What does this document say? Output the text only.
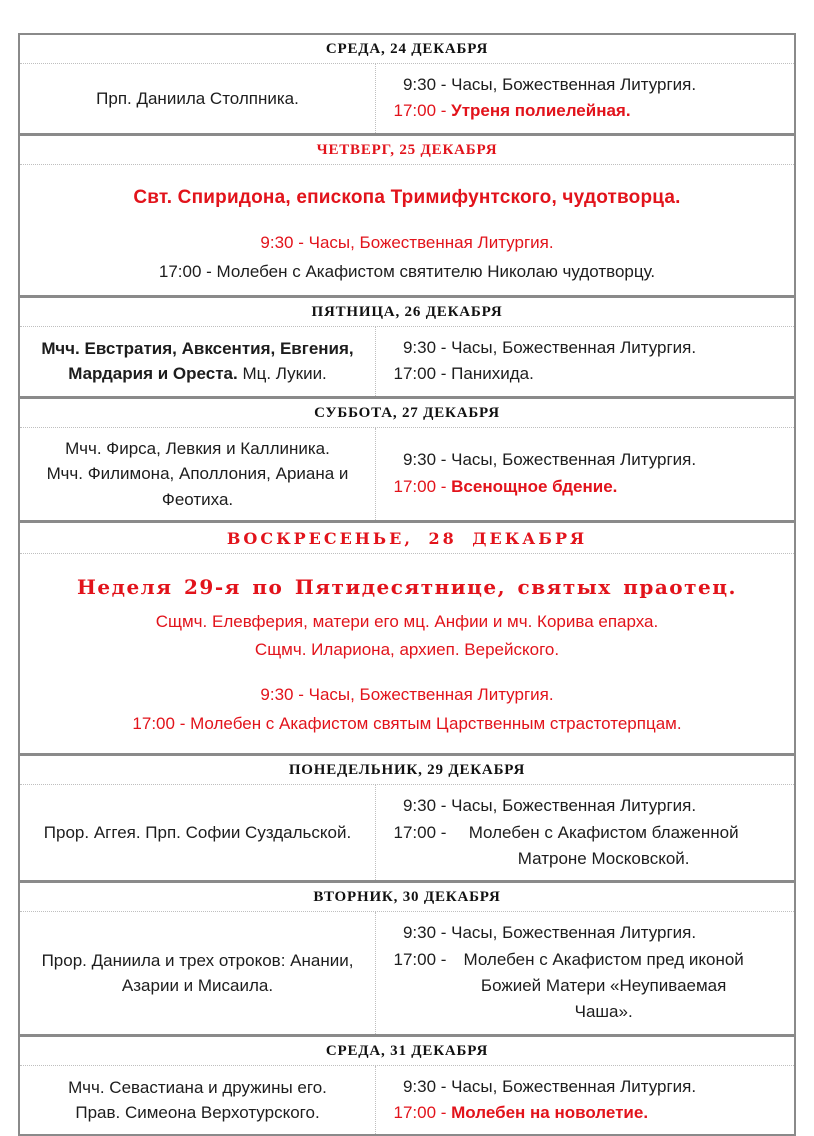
СРЕДА, 24 ДЕКАБРЯ
Прп. Даниила Столпника.
9:30 - Часы, Божественная Литургия.
17:00 - Утреня полиелейная.
ЧЕТВЕРГ, 25 ДЕКАБРЯ
Свт. Спиридона, епископа Тримифунтского, чудотворца.
9:30 - Часы, Божественная Литургия.
17:00 - Молебен с Акафистом святителю Николаю чудотворцу.
ПЯТНИЦА, 26 ДЕКАБРЯ
Мчч. Евстратия, Авксентия, Евгения, Мардария и Ореста. Мц. Лукии.
9:30 - Часы, Божественная Литургия.
17:00 - Панихида.
СУББОТА, 27 ДЕКАБРЯ
Мчч. Фирса, Левкия и Каллиника.
Мчч. Филимона, Аполлония, Ариана и Феотиха.
9:30 - Часы, Божественная Литургия.
17:00 - Всенощное бдение.
ВОСКРЕСЕНЬЕ, 28 ДЕКАБРЯ
Неделя 29-я по Пятидесятнице, святых праотец.
Сщмч. Елевферия, матери его мц. Анфии и мч. Корива епарха.
Сщмч. Илариона, архиеп. Верейского.
9:30 - Часы, Божественная Литургия.
17:00 - Молебен с Акафистом святым Царственным страстотерпцам.
ПОНЕДЕЛЬНИК, 29 ДЕКАБРЯ
Прор. Аггея. Прп. Софии Суздальской.
9:30 - Часы, Божественная Литургия.
17:00 -	Молебен с Акафистом блаженной Матроне Московской.
ВТОРНИК, 30 ДЕКАБРЯ
Прор. Даниила и трех отроков: Анании, Азарии и Мисаила.
9:30 - Часы, Божественная Литургия.
17:00 - Молебен с Акафистом пред иконой Божией Матери «Неупиваемая Чаша».
СРЕДА, 31 ДЕКАБРЯ
Мчч. Севастиана и дружины его.
Прав. Симеона Верхотурского.
9:30 - Часы, Божественная Литургия.
17:00 - Молебен на новолетие.
